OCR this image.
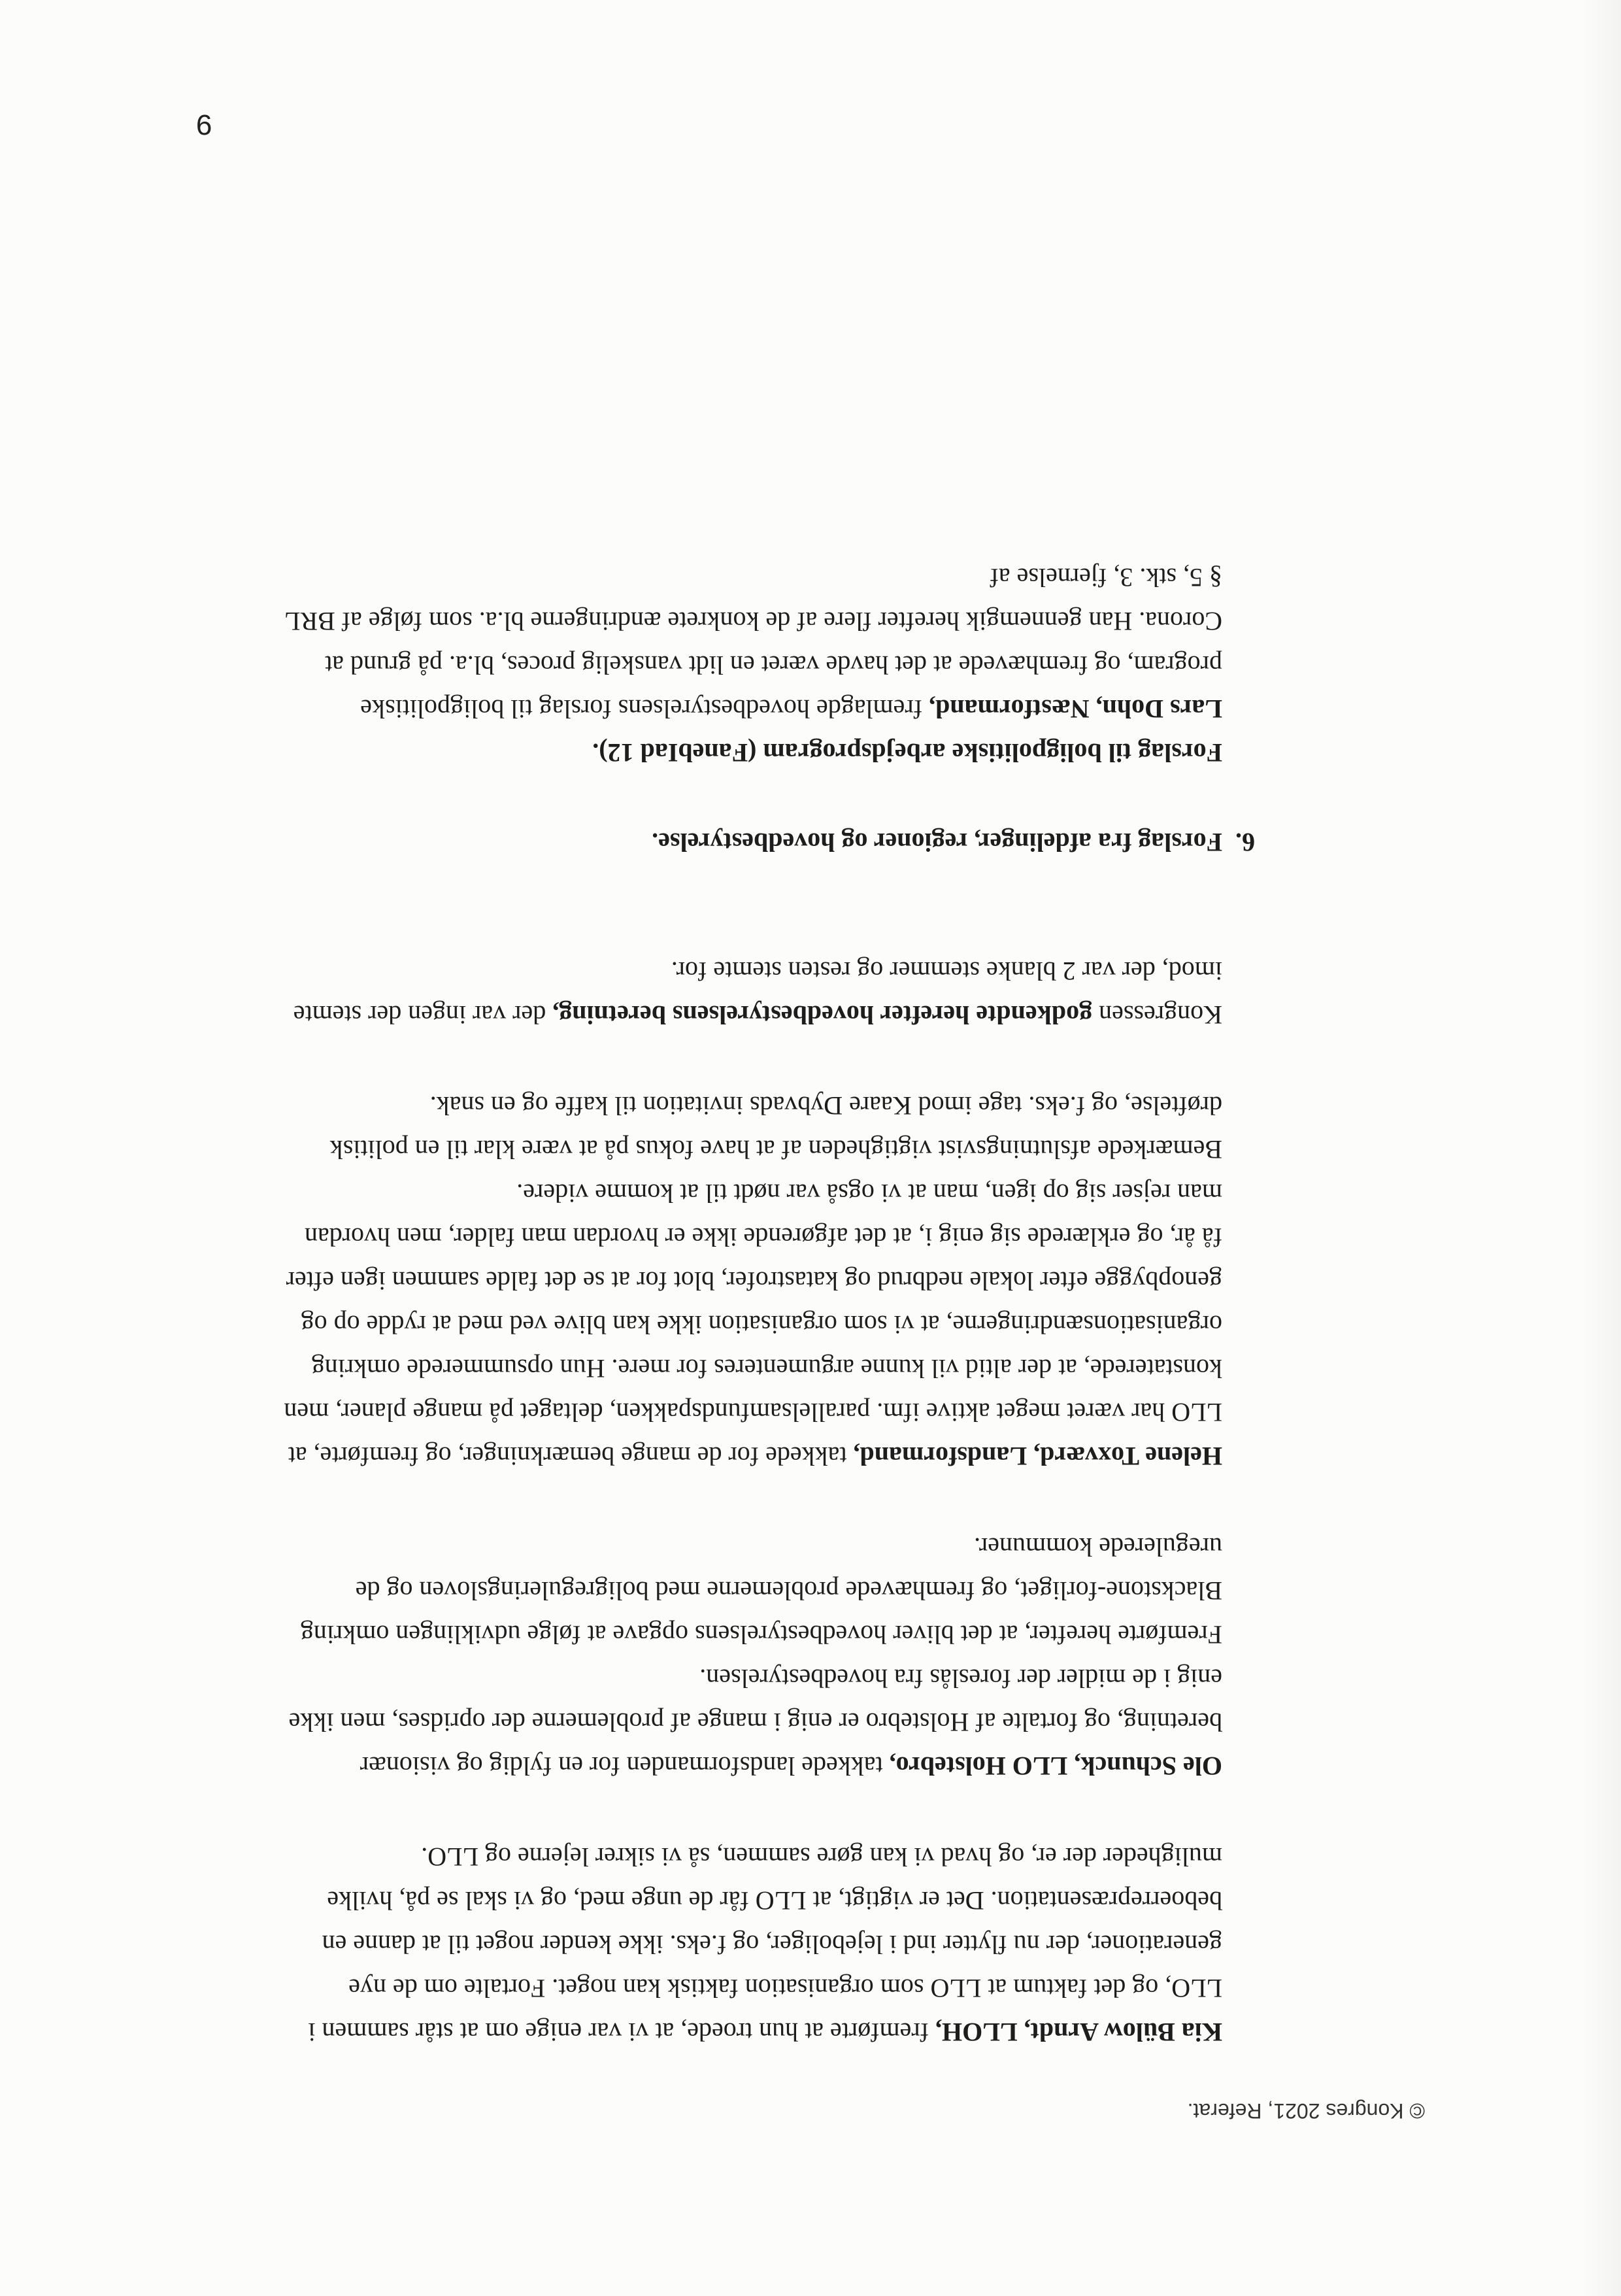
© Kongres 2021, Referat.

Kia Bülow Arndt, LLOH, fremførte at hun troede, at vi var enige om at står sammen i LLO, og det faktum at LLO som organisation faktisk kan noget. Fortalte om de nye generationer, der nu flytter ind i lejeboliger, og f.eks. ikke kender noget til at danne en beboerrepræsentation. Det er vigtigt, at LLO får de unge med, og vi skal se på, hvilke muligheder der er, og hvad vi kan gøre sammen, så vi sikrer lejerne og LLO.

Ole Schunck, LLO Holstebro, takkede landsformanden for en fyldig og visionær beretning, og fortalte af Holstebro er enig i mange af problemerne der opridses, men ikke enig i de midler der foreslås fra hovedbestyrelsen.

Fremførte herefter, at det bliver hovedbestyrelsens opgave at følge udviklingen omkring Blackstone-forliget, og fremhævede problemerne med boligreguleringsloven og de uregulerede kommuner.

Helene Toxværd, Landsformand, takkede for de mange bemærkninger, og fremførte, at LLO har været meget aktive ifm. parallelsamfundspakken, deltaget på mange planer, men konstaterede, at der altid vil kunne argumenteres for mere. Hun opsummerede omkring organisationsændringerne, at vi som organisation ikke kan blive ved med at rydde op og genopbygge efter lokale nedbrud og katastrofer, blot for at se det falde sammen igen efter få år, og erklærede sig enig i, at det afgørende ikke er hvordan man falder, men hvordan man rejser sig op igen, man at vi også var nødt til at komme videre.

Bemærkede afslutningsvist vigtigheden af at have fokus på at være klar til en politisk drøftelse, og f.eks. tage imod Kaare Dybvads invitation til kaffe og en snak.

Kongressen godkendte herefter hovedbestyrelsens beretning, der var ingen der stemte imod, der var 2 blanke stemmer og resten stemte for.

6.
Forslag fra afdelinger, regioner og hovedbestyrelse.
Forslag til boligpolitiske arbejdsprogram (FanebIad 12).

Lars Dohn, Næstformand, fremlagde hovedbestyrelsens forslag til boligpolitiske program, og fremhævede at det havde været en lidt vanskelig proces, bl.a. på grund at Corona. Han gennemgik herefter flere af de konkrete ændringerne bl.a. som følge af BRL § 5, stk. 3, fjernelse af

9
